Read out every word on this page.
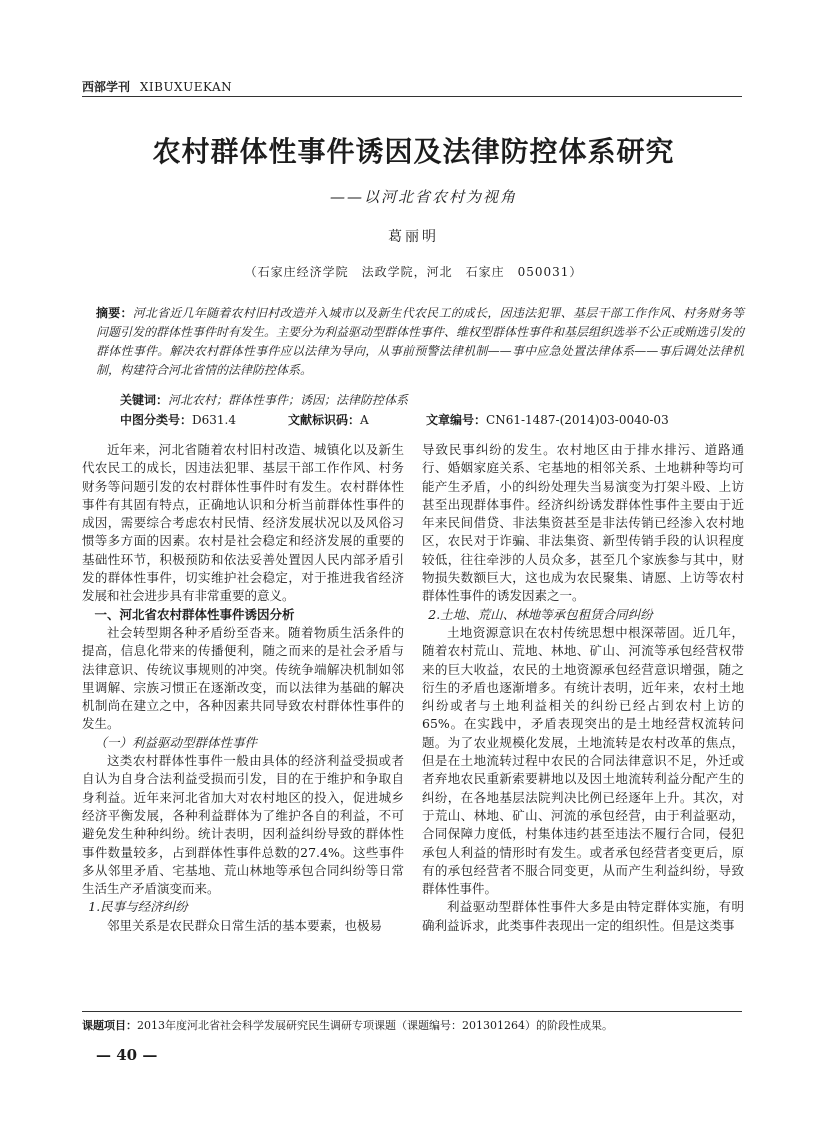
西部学刊 XIBUXUEKAN
农村群体性事件诱因及法律防控体系研究
——以河北省农村为视角
葛丽明
（石家庄经济学院　法政学院，河北　石家庄　050031）
摘要：河北省近几年随着农村旧村改造并入城市以及新生代农民工的成长，因违法犯罪、基层干部工作作风、村务财务等问题引发的群体性事件时有发生。主要分为利益驱动型群体性事件、维权型群体性事件和基层组织选举不公正或贿选引发的群体性事件。解决农村群体性事件应以法律为导向，从事前预警法律机制——事中应急处置法律体系——事后调处法律机制，构建符合河北省情的法律防控体系。
关键词：河北农村；群体性事件；诱因；法律防控体系
中图分类号：D631.4	文献标识码：A	文章编号：CN61-1487-(2014)03-0040-03

近年来，河北省随着农村旧村改造、城镇化以及新生代农民工的成长，因违法犯罪、基层干部工作作风、村务财务等问题引发的农村群体性事件时有发生。农村群体性事件有其固有特点，正确地认识和分析当前群体性事件的成因，需要综合考虑农村民情、经济发展状况以及风俗习惯等多方面的因素。农村是社会稳定和经济发展的重要的基础性环节，积极预防和依法妥善处置因人民内部矛盾引发的群体性事件，切实维护社会稳定，对于推进我省经济发展和社会进步具有非常重要的意义。

一、河北省农村群体性事件诱因分析

社会转型期各种矛盾纷至沓来。随着物质生活条件的提高，信息化带来的传播便利，随之而来的是社会矛盾与法律意识、传统议事规则的冲突。传统争端解决机制如邻里调解、宗族习惯正在逐渐改变，而以法律为基础的解决机制尚在建立之中，各种因素共同导致农村群体性事件的发生。

（一）利益驱动型群体性事件

这类农村群体性事件一般由具体的经济利益受损或者自认为自身合法利益受损而引发，目的在于维护和争取自身利益。近年来河北省加大对农村地区的投入，促进城乡经济平衡发展，各种利益群体为了维护各自的利益，不可避免发生种种纠纷。统计表明，因利益纠纷导致的群体性事件数量较多，占到群体性事件总数的27.4%。这些事件多从邻里矛盾、宅基地、荒山林地等承包合同纠纷等日常生活生产矛盾演变而来。

1.民事与经济纠纷

邻里关系是农民群众日常生活的基本要素，也极易

导致民事纠纷的发生。农村地区由于排水排污、道路通行、婚姻家庭关系、宅基地的相邻关系、土地耕种等均可能产生矛盾，小的纠纷处理失当易演变为打架斗殴、上访甚至出现群体事件。经济纠纷诱发群体性事件主要由于近年来民间借贷、非法集资甚至是非法传销已经渗入农村地区，农民对于诈骗、非法集资、新型传销手段的认识程度较低，往往牵涉的人员众多，甚至几个家族参与其中，财物损失数额巨大，这也成为农民聚集、请愿、上访等农村群体性事件的诱发因素之一。

2.土地、荒山、林地等承包租赁合同纠纷

土地资源意识在农村传统思想中根深蒂固。近几年，随着农村荒山、荒地、林地、矿山、河流等承包经营权带来的巨大收益，农民的土地资源承包经营意识增强，随之衍生的矛盾也逐渐增多。有统计表明，近年来，农村土地纠纷或者与土地利益相关的纠纷已经占到农村上访的65%。在实践中，矛盾表现突出的是土地经营权流转问题。为了农业规模化发展，土地流转是农村改革的焦点，但是在土地流转过程中农民的合同法律意识不足，外迁或者弃地农民重新索要耕地以及因土地流转利益分配产生的纠纷，在各地基层法院判决比例已经逐年上升。其次，对于荒山、林地、矿山、河流的承包经营，由于利益驱动，合同保障力度低，村集体违约甚至违法不履行合同，侵犯承包人利益的情形时有发生。或者承包经营者变更后，原有的承包经营者不服合同变更，从而产生利益纠纷，导致群体性事件。

利益驱动型群体性事件大多是由特定群体实施，有明确利益诉求，此类事件表现出一定的组织性。但是这类事

课题项目：2013年度河北省社会科学发展研究民生调研专项课题（课题编号：201301264）的阶段性成果。
— 40 —
